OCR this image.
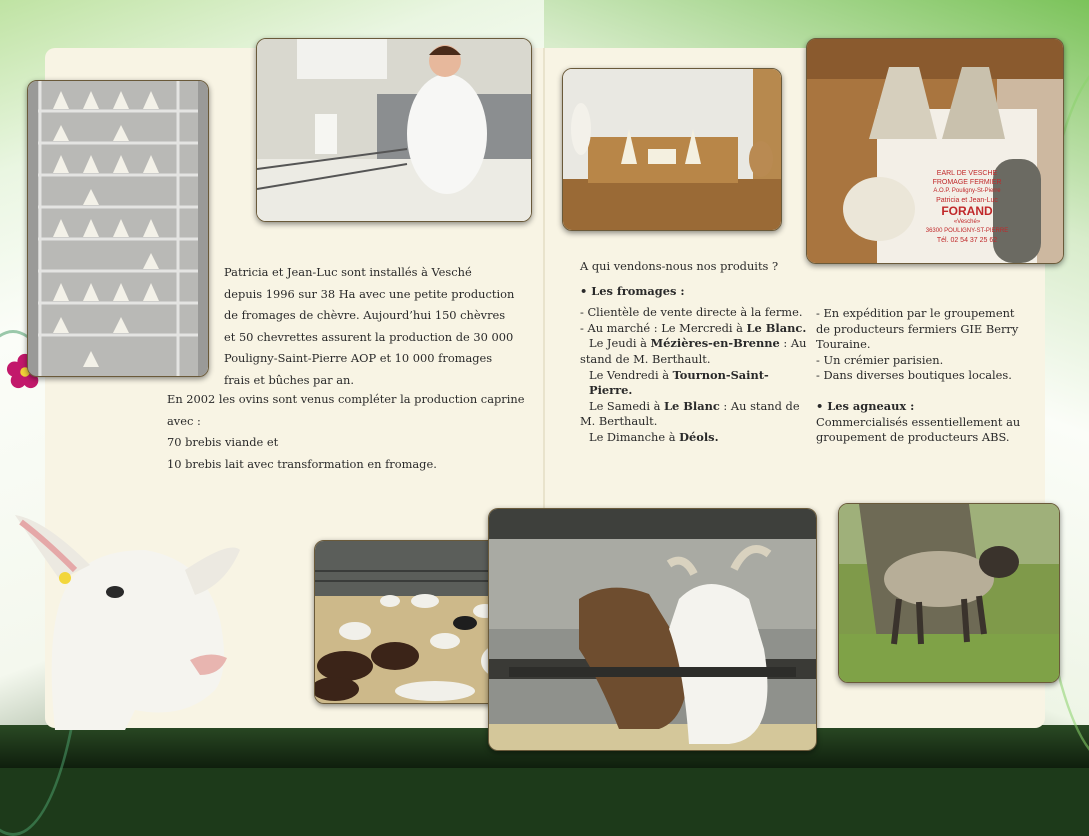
EARL DE VESCHE
FROMAGE FERMIER
A.O.P. Pouligny-St-Pierre
Patricia et Jean-Luc
FORAND
«Vesché»
36300 POULIGNY-ST-PIERRE
Tél. 02 54 37 25 62

Patricia et Jean-Luc sont installés à Vesché

depuis 1996 sur 38 Ha avec une petite production

de fromages de chèvre. Aujourd’hui 150 chèvres

et 50 chevrettes assurent la production de 30 000

Pouligny-Saint-Pierre AOP et 10 000 fromages

frais et bûches par an.

En 2002 les ovins sont venus compléter la production caprine

avec :

70 brebis viande et

10 brebis lait avec transformation en fromage.

A qui vendons-nous nos produits ?

• Les fromages :

- Clientèle de vente directe à la ferme.

- Au marché : Le Mercredi à Le Blanc.

Le Jeudi à Mézières-en-Brenne : Au

stand de M. Berthault.

Le Vendredi à Tournon-Saint-Pierre.

Le Samedi à Le Blanc : Au stand de

M. Berthault.

Le Dimanche à Déols.

- En expédition par le groupement

de producteurs fermiers GIE Berry

Touraine.

- Un crémier parisien.

- Dans diverses boutiques locales.

• Les agneaux :

Commercialisés essentiellement au

groupement de producteurs ABS.
